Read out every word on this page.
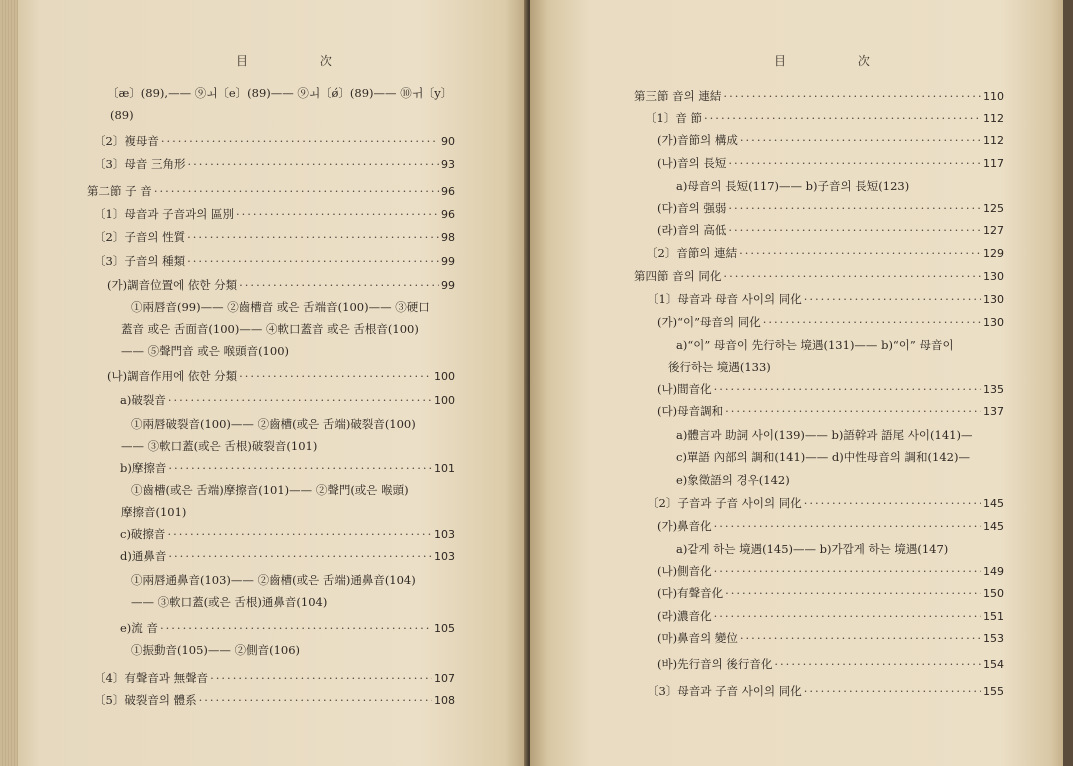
目 次
〔æ〕(89),—— ⑨ㅚ〔e〕(89)—— ⑨ㅚ〔ǿ〕(89)—— ⑩ㅟ〔y〕
(89)
〔2〕複母音 ·····	90
〔3〕母音 三角形 ·····	93
第二節 子 音 ·····	96
〔1〕母音과 子音과의 區別 ·····	96
〔2〕子音의 性質 ·····	98
〔3〕子音의 種類 ·····	99
(가)調音位置에 依한 分類 ·····	99
①兩唇音(99)—— ②齒槽音 或은 舌端音(100)—— ③硬口
蓋音 或은 舌面音(100)—— ④軟口蓋音 或은 舌根音(100)
—— ⑤聲門音 或은 喉頭音(100)
(나)調音作用에 依한 分類 ·····	100
a)破裂音 ·····	100
①兩唇破裂音(100)—— ②齒槽(或은 舌端)破裂音(100)
—— ③軟口蓋(或은 舌根)破裂音(101)
b)摩擦音 ·····	101
①齒槽(或은 舌端)摩擦音(101)—— ②聲門(或은 喉頭)
摩擦音(101)
c)破擦音 ·····	103
d)通鼻音 ·····	103
①兩唇通鼻音(103)—— ②齒槽(或은 舌端)通鼻音(104)
—— ③軟口蓋(或은 舌根)通鼻音(104)
e)流 音 ·····	105
①振動音(105)—— ②側音(106)
〔4〕有聲音과 無聲音 ·····	107
〔5〕破裂音의 體系 ·····	108
目 次
第三節 音의 連結 ·····	110
〔1〕音 節 ·····	112
(가)音節의 構成 ·····	112
(나)音의 長短 ·····	117
a)母音의 長短(117)—— b)子音의 長短(123)
(다)音의 强弱 ·····	125
(라)音의 高低 ·····	127
〔2〕音節의 連結 ·····	129
第四節 音의 同化 ·····	130
〔1〕母音과 母音 사이의 同化 ·····	130
(가)“이”母音의 同化 ·····	130
a)“이” 母音이 先行하는 境遇(131)—— b)“이” 母音이
後行하는 境遇(133)
(나)間音化 ·····	135
(다)母音調和 ·····	137
a)體言과 助詞 사이(139)—— b)語幹과 語尾 사이(141)—
c)單語 內部의 調和(141)—— d)中性母音의 調和(142)—
e)象徵語의 경우(142)
〔2〕子音과 子音 사이의 同化 ·····	145
(가)鼻音化 ·····	145
a)같게 하는 境遇(145)—— b)가깝게 하는 境遇(147)
(나)側音化 ·····	149
(다)有聲音化 ·····	150
(라)濃音化 ·····	151
(마)鼻音의 變位 ·····	153
(바)先行音의 後行音化 ·····	154
〔3〕母音과 子音 사이의 同化 ·····	155
